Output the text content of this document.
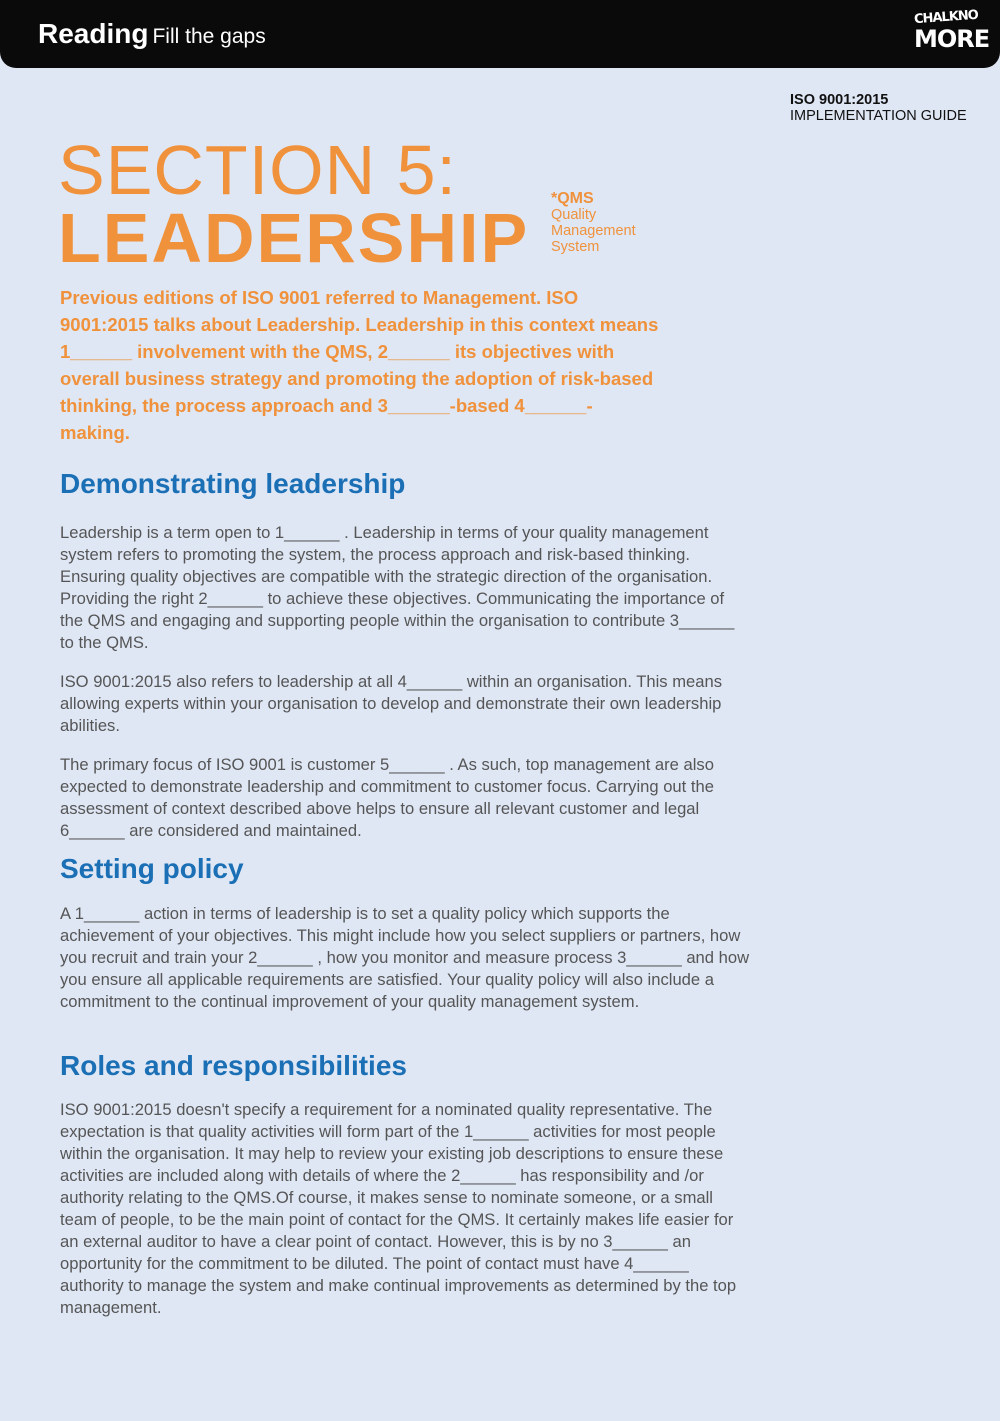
Reading Fill the gaps
CHALKNO
MORE
ISO 9001:2015
IMPLEMENTATION GUIDE
SECTION 5:
LEADERSHIP
*QMS
Quality
Management
System

Previous editions of ISO 9001 referred to Management. ISO 9001:2015 talks about Leadership. Leadership in this context means 1______ involvement with the QMS, 2______ its objectives with overall business strategy and promoting the adoption of risk-based thinking, the process approach and 3______-based 4______-making.

Demonstrating leadership

Leadership is a term open to 1______ . Leadership in terms of your quality management system refers to promoting the system, the process approach and risk-based thinking. Ensuring quality objectives are compatible with the strategic direction of the organisation. Providing the right 2______ to achieve these objectives. Communicating the importance of the QMS and engaging and supporting people within the organisation to contribute 3______ to the QMS.

ISO 9001:2015 also refers to leadership at all 4______ within an organisation. This means allowing experts within your organisation to develop and demonstrate their own leadership abilities.

The primary focus of ISO 9001 is customer 5______ . As such, top management are also expected to demonstrate leadership and commitment to customer focus. Carrying out the assessment of context described above helps to ensure all relevant customer and legal 6______ are considered and maintained.

Setting policy

A 1______ action in terms of leadership is to set a quality policy which supports the achievement of your objectives. This might include how you select suppliers or partners, how you recruit and train your 2______ , how you monitor and measure process 3______ and how you ensure all applicable requirements are satisfied. Your quality policy will also include a commitment to the continual improvement of your quality management system.

Roles and responsibilities

ISO 9001:2015 doesn't specify a requirement for a nominated quality representative. The expectation is that quality activities will form part of the 1______ activities for most people within the organisation. It may help to review your existing job descriptions to ensure these activities are included along with details of where the 2______ has responsibility and /or authority relating to the QMS.Of course, it makes sense to nominate someone, or a small team of people, to be the main point of contact for the QMS. It certainly makes life easier for an external auditor to have a clear point of contact. However, this is by no 3______ an opportunity for the commitment to be diluted. The point of contact must have 4______ authority to manage the system and make continual improvements as determined by the top management.
